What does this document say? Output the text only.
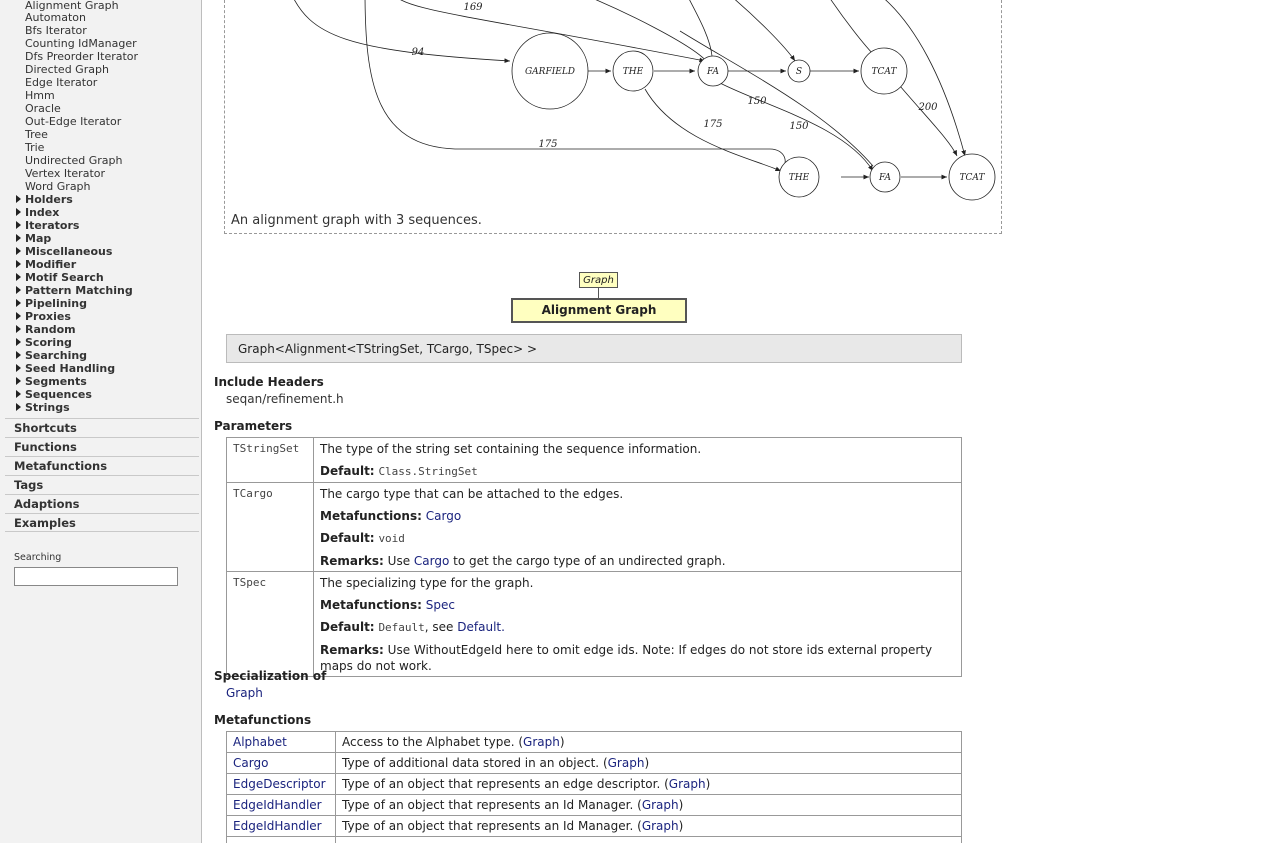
Alignment Graph
Automaton
Bfs Iterator
Counting IdManager
Dfs Preorder Iterator
Directed Graph
Edge Iterator
Hmm
Oracle
Out-Edge Iterator
Tree
Trie
Undirected Graph
Vertex Iterator
Word Graph
Holders
Index
Iterators
Map
Miscellaneous
Modifier
Motif Search
Pattern Matching
Pipelining
Proxies
Random
Scoring
Searching
Seed Handling
Segments
Sequences
Strings
Shortcuts
Functions
Metafunctions
Tags
Adaptions
Examples
Searching
GARFIELD	THE	FA	S	TCAT
THE	FA	TCAT
169
94
150
175	150
200
175
An alignment graph with 3 sequences.
Graph
Alignment Graph
Graph<Alignment<TStringSet, TCargo, TSpec> >
Include Headers
seqan/refinement.h
Parameters
TStringSet	The type of the string set containing the sequence information.

Default: Class.StringSet

TCargo	The cargo type that can be attached to the edges.

Metafunctions: Cargo

Default: void

Remarks: Use Cargo to get the cargo type of an undirected graph.

TSpec	The specializing type for the graph.

Metafunctions: Spec

Default: Default, see Default.

Remarks: Use WithoutEdgeId here to omit edge ids. Note: If edges do not store ids external property maps do not work.

Specialization of
Graph
Metafunctions
Alphabet	Access to the Alphabet type. (Graph)
Cargo	Type of additional data stored in an object. (Graph)
EdgeDescriptor	Type of an object that represents an edge descriptor. (Graph)
EdgeIdHandler	Type of an object that represents an Id Manager. (Graph)
EdgeIdHandler	Type of an object that represents an Id Manager. (Graph)
